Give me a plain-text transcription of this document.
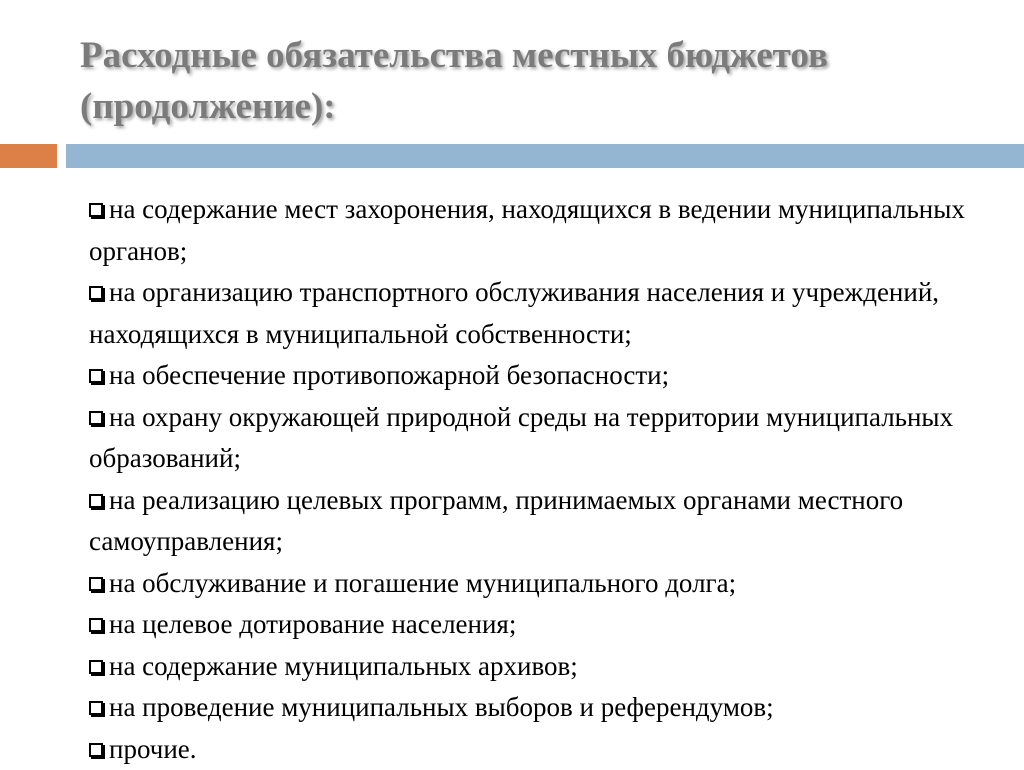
Расходные обязательства местных бюджетов (продолжение):
на содержание мест захоронения, находящихся в ведении муниципальных органов;
на организацию транспортного обслуживания населения и учреждений, находящихся в муниципальной собственности;
на обеспечение противопожарной безопасности;
на охрану окружающей природной среды на территории муниципальных образований;
на реализацию целевых программ, принимаемых органами местного самоуправления;
на обслуживание и погашение муниципального долга;
на целевое дотирование населения;
на содержание муниципальных архивов;
на проведение муниципальных выборов и референдумов;
прочие.
